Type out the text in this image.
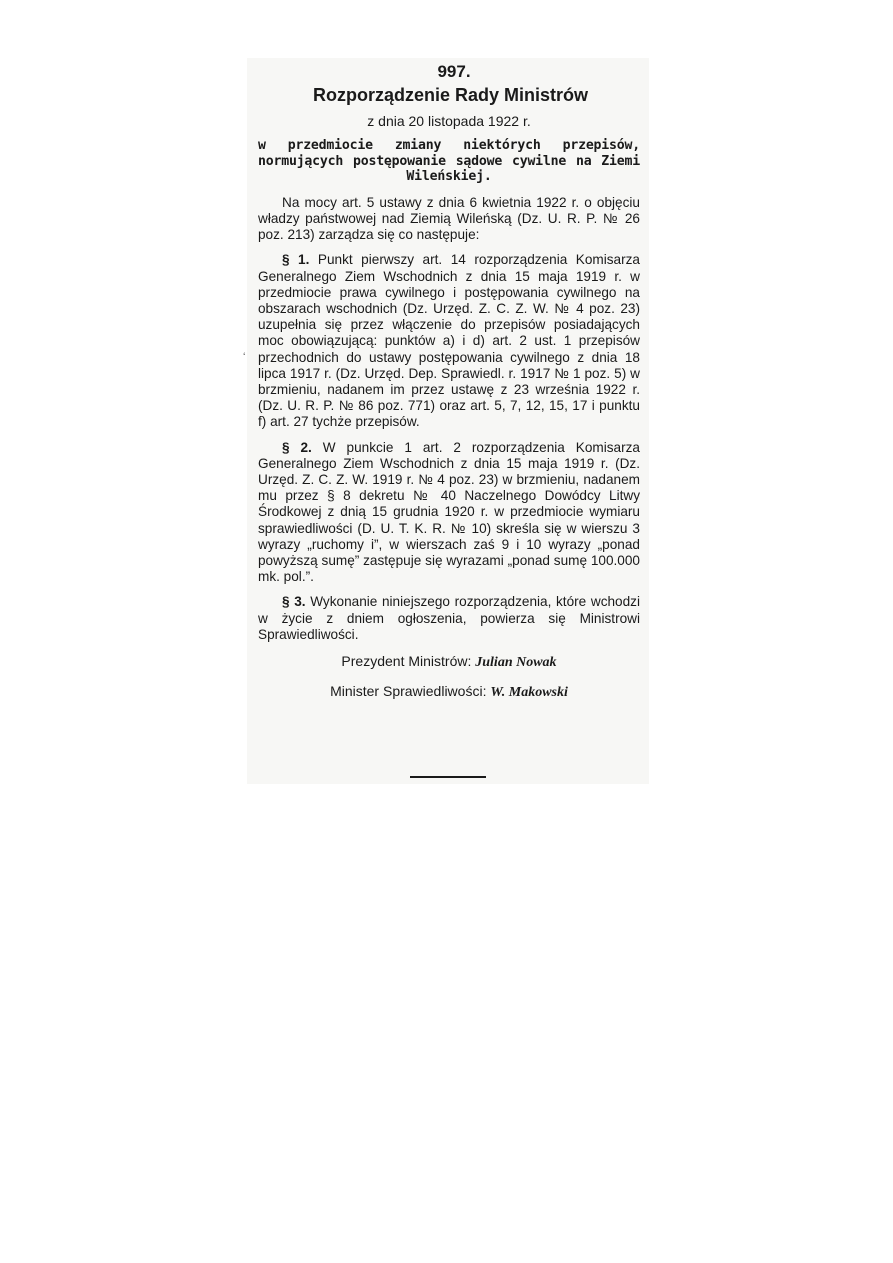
‘
997.
Rozporządzenie Rady Ministrów
z dnia 20 listopada 1922 r.
w przedmiocie zmiany niektórych przepisów, normujących postępowanie sądowe cywilne na Ziemi Wileńskiej.
Na mocy art. 5 ustawy z dnia 6 kwietnia 1922 r. o objęciu władzy państwowej nad Ziemią Wileńską (Dz. U. R. P. № 26 poz. 213) zarządza się co następuje:
§ 1. Punkt pierwszy art. 14 rozporządzenia Komisarza Generalnego Ziem Wschodnich z dnia 15 maja 1919 r. w przedmiocie prawa cywilnego i postępowania cywilnego na obszarach wschodnich (Dz. Urzęd. Z. C. Z. W. № 4 poz. 23) uzupełnia się przez włączenie do przepisów posiadających moc obowiązującą: punktów a) i d) art. 2 ust. 1 przepisów przechodnich do ustawy postępowania cywilnego z dnia 18 lipca 1917 r. (Dz. Urzęd. Dep. Sprawiedl. r. 1917 № 1 poz. 5) w brzmieniu, nadanem im przez ustawę z 23 września 1922 r. (Dz. U. R. P. № 86 poz. 771) oraz art. 5, 7, 12, 15, 17 i punktu f) art. 27 tychże przepisów.
§ 2. W punkcie 1 art. 2 rozporządzenia Komisarza Generalnego Ziem Wschodnich z dnia 15 maja 1919 r. (Dz. Urzęd. Z. C. Z. W. 1919 r. № 4 poz. 23) w brzmieniu, nadanem mu przez § 8 dekretu № 40 Naczelnego Dowódcy Litwy Środkowej z dnią 15 grudnia 1920 r. w przedmiocie wymiaru sprawiedliwości (D. U. T. K. R. № 10) skreśla się w wierszu 3 wyrazy „ruchomy i”, w wierszach zaś 9 i 10 wyrazy „ponad powyższą sumę” zastępuje się wyrazami „ponad sumę 100.000 mk. pol.”.
§ 3. Wykonanie niniejszego rozporządzenia, które wchodzi w życie z dniem ogłoszenia, powierza się Ministrowi Sprawiedliwości.
Prezydent Ministrów: Julian Nowak
Minister Sprawiedliwości: W. Makowski
